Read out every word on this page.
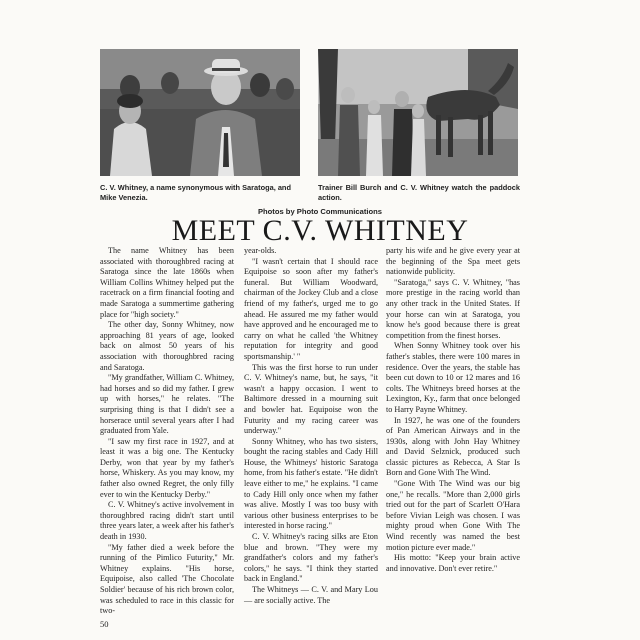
C. V. Whitney, a name synonymous with Saratoga, and Mike Venezia.
Trainer Bill Burch and C. V. Whitney watch the paddock action.
Photos by Photo Communications
MEET C.V. WHITNEY

The name Whitney has been associated with thoroughbred racing at Saratoga since the late 1860s when William Collins Whitney helped put the racetrack on a firm financial footing and made Saratoga a summertime gathering place for "high society."

The other day, Sonny Whitney, now approaching 81 years of age, looked back on almost 50 years of his association with thoroughbred racing and Saratoga.

"My grandfather, William C. Whitney, had horses and so did my father. I grew up with horses," he relates. "The surprising thing is that I didn't see a horserace until several years after I had graduated from Yale.

"I saw my first race in 1927, and at least it was a big one. The Kentucky Derby, won that year by my father's horse, Whiskery. As you may know, my father also owned Regret, the only filly ever to win the Kentucky Derby."

C. V. Whitney's active involvement in thoroughbred racing didn't start until three years later, a week after his father's death in 1930.

"My father died a week before the running of the Pimlico Futurity," Mr. Whitney explains. "His horse, Equipoise, also called 'The Chocolate Soldier' because of his rich brown color, was scheduled to race in this classic for two-

year-olds.

"I wasn't certain that I should race Equipoise so soon after my father's funeral. But William Woodward, chairman of the Jockey Club and a close friend of my father's, urged me to go ahead. He assured me my father would have approved and he encouraged me to carry on what he called 'the Whitney reputation for integrity and good sportsmanship.' "

This was the first horse to run under C. V. Whitney's name, but, he says, "it wasn't a happy occasion. I went to Baltimore dressed in a mourning suit and bowler hat. Equipoise won the Futurity and my racing career was underway."

Sonny Whitney, who has two sisters, bought the racing stables and Cady Hill House, the Whitneys' historic Saratoga home, from his father's estate. "He didn't leave either to me," he explains. "I came to Cady Hill only once when my father was alive. Mostly I was too busy with various other business enterprises to be interested in horse racing."

C. V. Whitney's racing silks are Eton blue and brown. "They were my grandfather's colors and my father's colors," he says. "I think they started back in England."

The Whitneys — C. V. and Mary Lou — are socially active. The

party his wife and he give every year at the beginning of the Spa meet gets nationwide publicity.

"Saratoga," says C. V. Whitney, "has more prestige in the racing world than any other track in the United States. If your horse can win at Saratoga, you know he's good because there is great competition from the finest horses.

When Sonny Whitney took over his father's stables, there were 100 mares in residence. Over the years, the stable has been cut down to 10 or 12 mares and 16 colts. The Whitneys breed horses at the Lexington, Ky., farm that once belonged to Harry Payne Whitney.

In 1927, he was one of the founders of Pan American Airways and in the 1930s, along with John Hay Whitney and David Selznick, produced such classic pictures as Rebecca, A Star Is Born and Gone With The Wind.

"Gone With The Wind was our big one," he recalls. "More than 2,000 girls tried out for the part of Scarlett O'Hara before Vivian Leigh was chosen. I was mighty proud when Gone With The Wind recently was named the best motion picture ever made."

His motto: "Keep your brain active and innovative. Don't ever retire."

50
